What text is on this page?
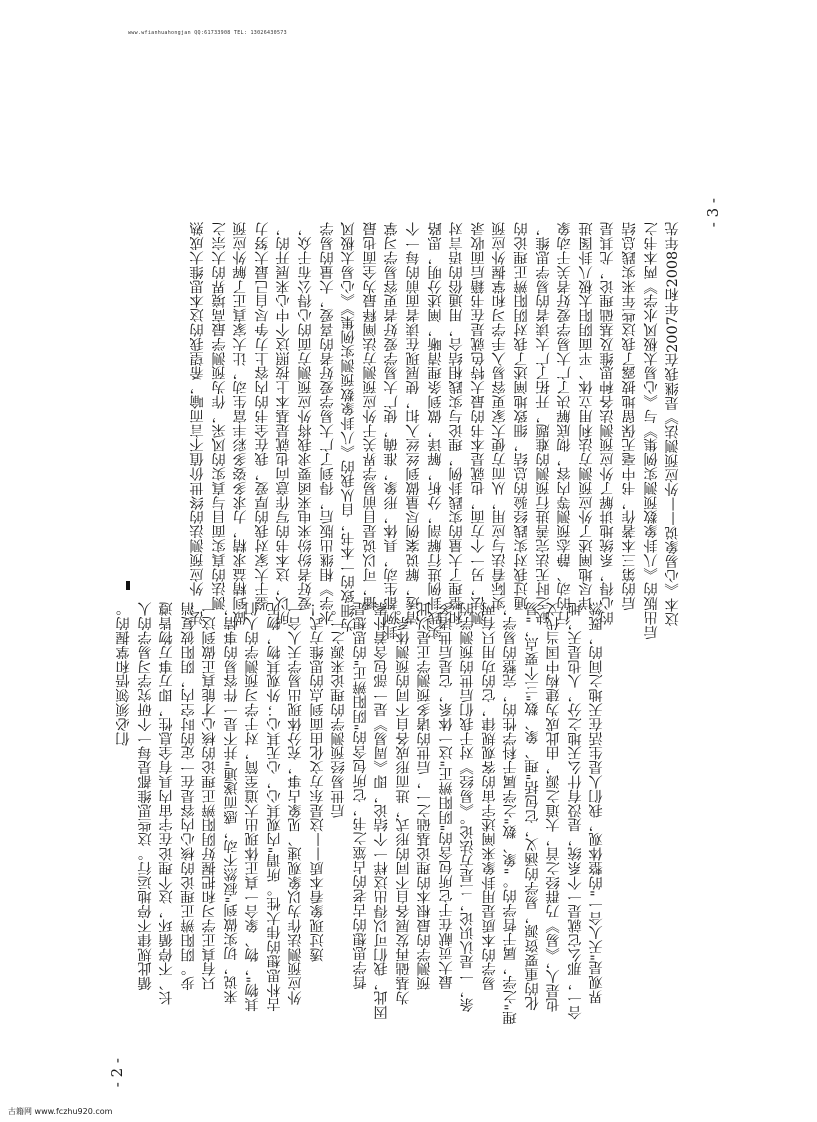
www.wfianhuahongjan QQ:61733908 TEL: 13026430573
们必须领悟和掌握的。 循此规律不停地运行。这些思维都是每一个研究学习易学的人 长、不停循环，这个理论在宇宙内具有全息性，即万事万物皆遵 步。阴阳辨正理论的核心内容是在一定的时空内，阴阳彼复消 只有真正学习和把握好阴阳辨正理论的核心才能真正做到这一 来说，切实做到"寂然不动，感而遂通"并不是一件容易的事情， 其物"，物、象合一真正体现出大道至简，对于学习预测学的人们 古朴思想的伟大性。所谓"内观其心，心无其心；外观其物，物无 外应预测法作为以象观速、见象占事，充分体现出易学天人合一 透过现象看本质——这是东方文化由面到点的思维方式！ 后世易经预测学的理论来源之一。 哲学思想的古老的占筮之书，它所包含的"阴阳辨正"的思想是 因此，我们可以得出这样一个结论，即《周易》是一部包含着朴素 为基础再发展各自不同的形式，进而形成各自不同的预测体系。 预测学的最根本的理论基础之一，后世的诸多预测学正是以此 最大贡献在于它所包含的"阴阳辨正"这一体系，它是后世诸多 条，一是认识论，二是方法论。《易经》对于我们后世的预测学的 易学的本质是用卦象来阐述宇宙的客观规律，它的功用只有两 理"之学，属于哲学的。"象、数"之学属于科学性的，完整的易学， 化的重要资源，易学的涵义，它包括"理、象、数"三个要点，"易 也是人，《易》乃群经之首，大道之源，由此成为建构中国当代文 合一，那么它就是一个系统，是没有什么天地之分，人也是天，地 界观是"天人合一"的整体观，我们人是生活在天地之间的，既然
法，外应预测法的终世价值不言而喻，希望我的这本思维大成熟 测法的真实面目与真实的风采，作为预测学最高境界的大宗之 做到精益求精，力求多姿多彩丰富生动，让大家真正了解外应预 鉴于大家对我的厚爱，我在全书的内容上力争尽自己最大努力 所以，这本书的写作意向也就是基本上按照这个中心来展开的， 爱好者纷纷来电来函要求我将外应预测方面的心得公布于众， 水学》相继出版后，得到了广大易学爱好者的喜爱，大量的易学 为细致的一本书，自从我的《八卦象数预测实例集》《心易太极风 播，可以说是目前易学界关于外应预测方法阐释最为全面也最 卦例都生动，具体，形象，准确，使广大易学爱好者更容易学习掌 清透，解说案例尽量做到丝丝入扣，使展现在读者面前的每一个 实践卦例进行解剖，分析，解译，做到条理清晰，阐述分明，思路 和整理了大量的实践卦例，理论与实践相结合，用通俗的语言对 测法，另一个方面，也就是本书的最大特色就是在书籍后面收录 实际看法与应用，从而方便大家更容易入手学习和掌握外应预 通过我对实践经验的总结，细致地阐述了我对阴阳辨正理论的 缺乏时无法完善进行预测的难题，开拓了广大读者的易学思维， 行的动、静态预测等内容，彻底解决了广大易学爱好者关于动象 详尽地阐述了外应预测方法利用立体、平面阴阳太极八卦图进 的心得，系统地讲解了外应预测法各种思维及基础理论，尤其是 后的第三本著作，书中毫无保留地披露了我这些年来实践总结 后出版的《八卦象数预测实例集》与《心易太极风水学》两本书之 这本《心易象说——外应预测法》是继我在2007年和2008年先
- 2 -
- 3 -
古籍网 www.fczhu920.com
